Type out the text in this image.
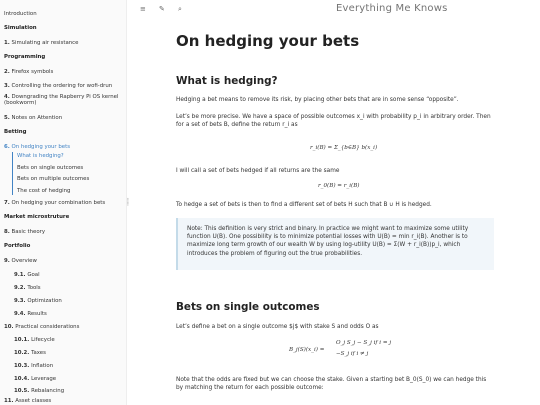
Introduction
Simulation
1. Simulating air resistance
Programming
2. Firefox symbols
3. Controlling the ordering for wofi-drun
4. Downgrading the Rapberry Pi OS kernel (bookworm)
5. Notes on Attention
Betting
6. On hedging your bets
What is hedging?
Bets on single outcomes
Bets on multiple outcomes
The cost of hedging
7. On hedging your combination bets
Market microstruture
8. Basic theory
Portfolio
9. Overview
9.1. Goal
9.2. Tools
9.3. Optimization
9.4. Results
10. Practical considerations
10.1. Lifecycle
10.2. Taxes
10.3. Inflation
10.4. Leverage
10.5. Rebalancing
11. Asset classes
⸽
≡ ✎ ⌕	Everything Me Knows
On hedging your bets
What is hedging?

Hedging a bet means to remove its risk, by placing other bets that are in some sense “opposite”.

Let’s be more precise. We have a space of possible outcomes x_i with probability p_i in arbitrary order. Then for a set of bets B, define the return r_i as

r_i(B) = Σ_{b∈B} b(x_i)

I will call a set of bets hedged if all returns are the same

r_0(B) = r_i(B)

To hedge a set of bets is then to find a different set of bets H such that B ∪ H is hedged.

Note: This definition is very strict and binary. In practice we might want to maximize some utility function U(B). One possibility is to minimize potential losses with U(B) = min r_i(B). Another is to maximize long term growth of our wealth W by using log-utility U(B) = Σ(W + r_i(B))p_i, which introduces the problem of figuring out the true probabilities.

Bets on single outcomes

Let’s define a bet on a single outcome $j$ with stake S and odds O as

B_j(S)(x_i) =
O_j S_j − S_j if i = j
−S_j if i ≠ j

Note that the odds are fixed but we can choose the stake. Given a starting bet B_0(S_0) we can hedge this by matching the return for each possible outcome:
